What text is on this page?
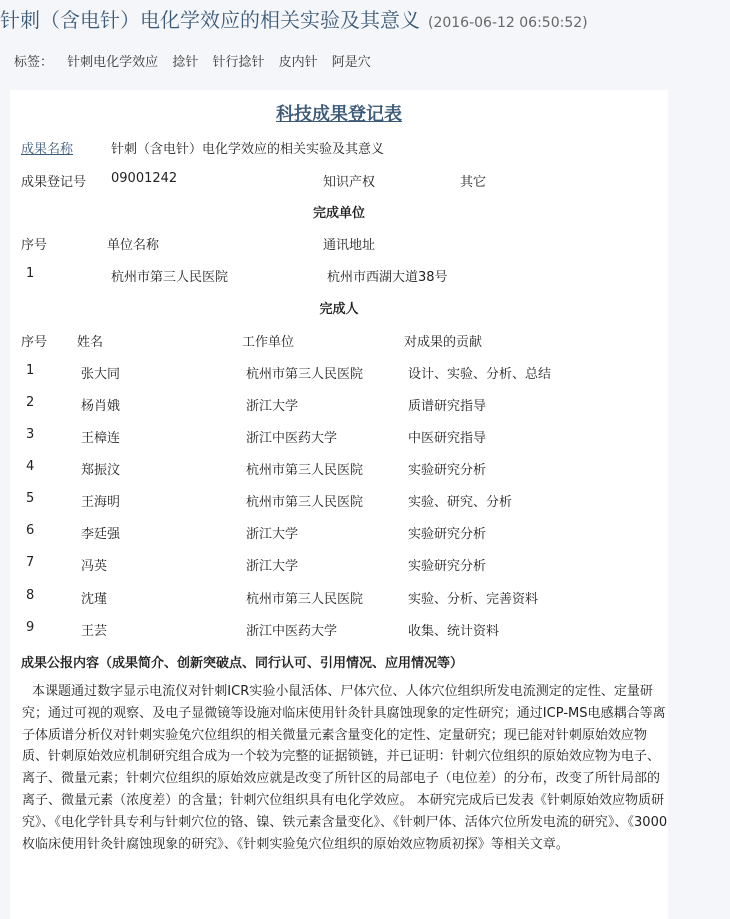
针刺（含电针）电化学效应的相关实验及其意义 (2016-06-12 06:50:52)
标签： 针刺电化学效应 捻针 针行捻针 皮内针 阿是穴
科技成果登记表
成果名称	针刺（含电针）电化学效应的相关实验及其意义
成果登记号 09001242	知识产权	其它
完成单位
序号	单位名称	通讯地址
1	杭州市第三人民医院	杭州市西湖大道38号
完成人
序号 姓名	工作单位	对成果的贡献
1	张大同	杭州市第三人民医院	设计、实验、分析、总结
2	杨肖娥	浙江大学	质谱研究指导
3	王樟连	浙江中医药大学	中医研究指导
4	郑振汶	杭州市第三人民医院	实验研究分析
5	王海明	杭州市第三人民医院	实验、研究、分析
6	李廷强	浙江大学	实验研究分析
7	冯英	浙江大学	实验研究分析
8	沈瑾	杭州市第三人民医院	实验、分析、完善资料
9	王芸	浙江中医药大学	收集、统计资料
成果公报内容（成果简介、创新突破点、同行认可、引用情况、应用情况等）
本课题通过数字显示电流仪对针刺ICR实验小鼠活体、尸体穴位、人体穴位组织所发电流测定的定性、定量研究；通过可视的观察、及电子显微镜等设施对临床使用针灸针具腐蚀现象的定性研究；通过ICP-MS电感耦合等离子体质谱分析仪对针刺实验兔穴位组织的相关微量元素含量变化的定性、定量研究；现已能对针刺原始效应物质、针刺原始效应机制研究组合成为一个较为完整的证据锁链，并已证明：针刺穴位组织的原始效应物为电子、离子、微量元素；针刺穴位组织的原始效应就是改变了所针区的局部电子（电位差）的分布，改变了所针局部的离子、微量元素（浓度差）的含量；针刺穴位组织具有电化学效应。 本研究完成后已发表《针刺原始效应物质研究》、《电化学针具专利与针刺穴位的铬、镍、铁元素含量变化》、《针刺尸体、活体穴位所发电流的研究》、《3000枚临床使用针灸针腐蚀现象的研究》、《针刺实验兔穴位组织的原始效应物质初探》等相关文章。
